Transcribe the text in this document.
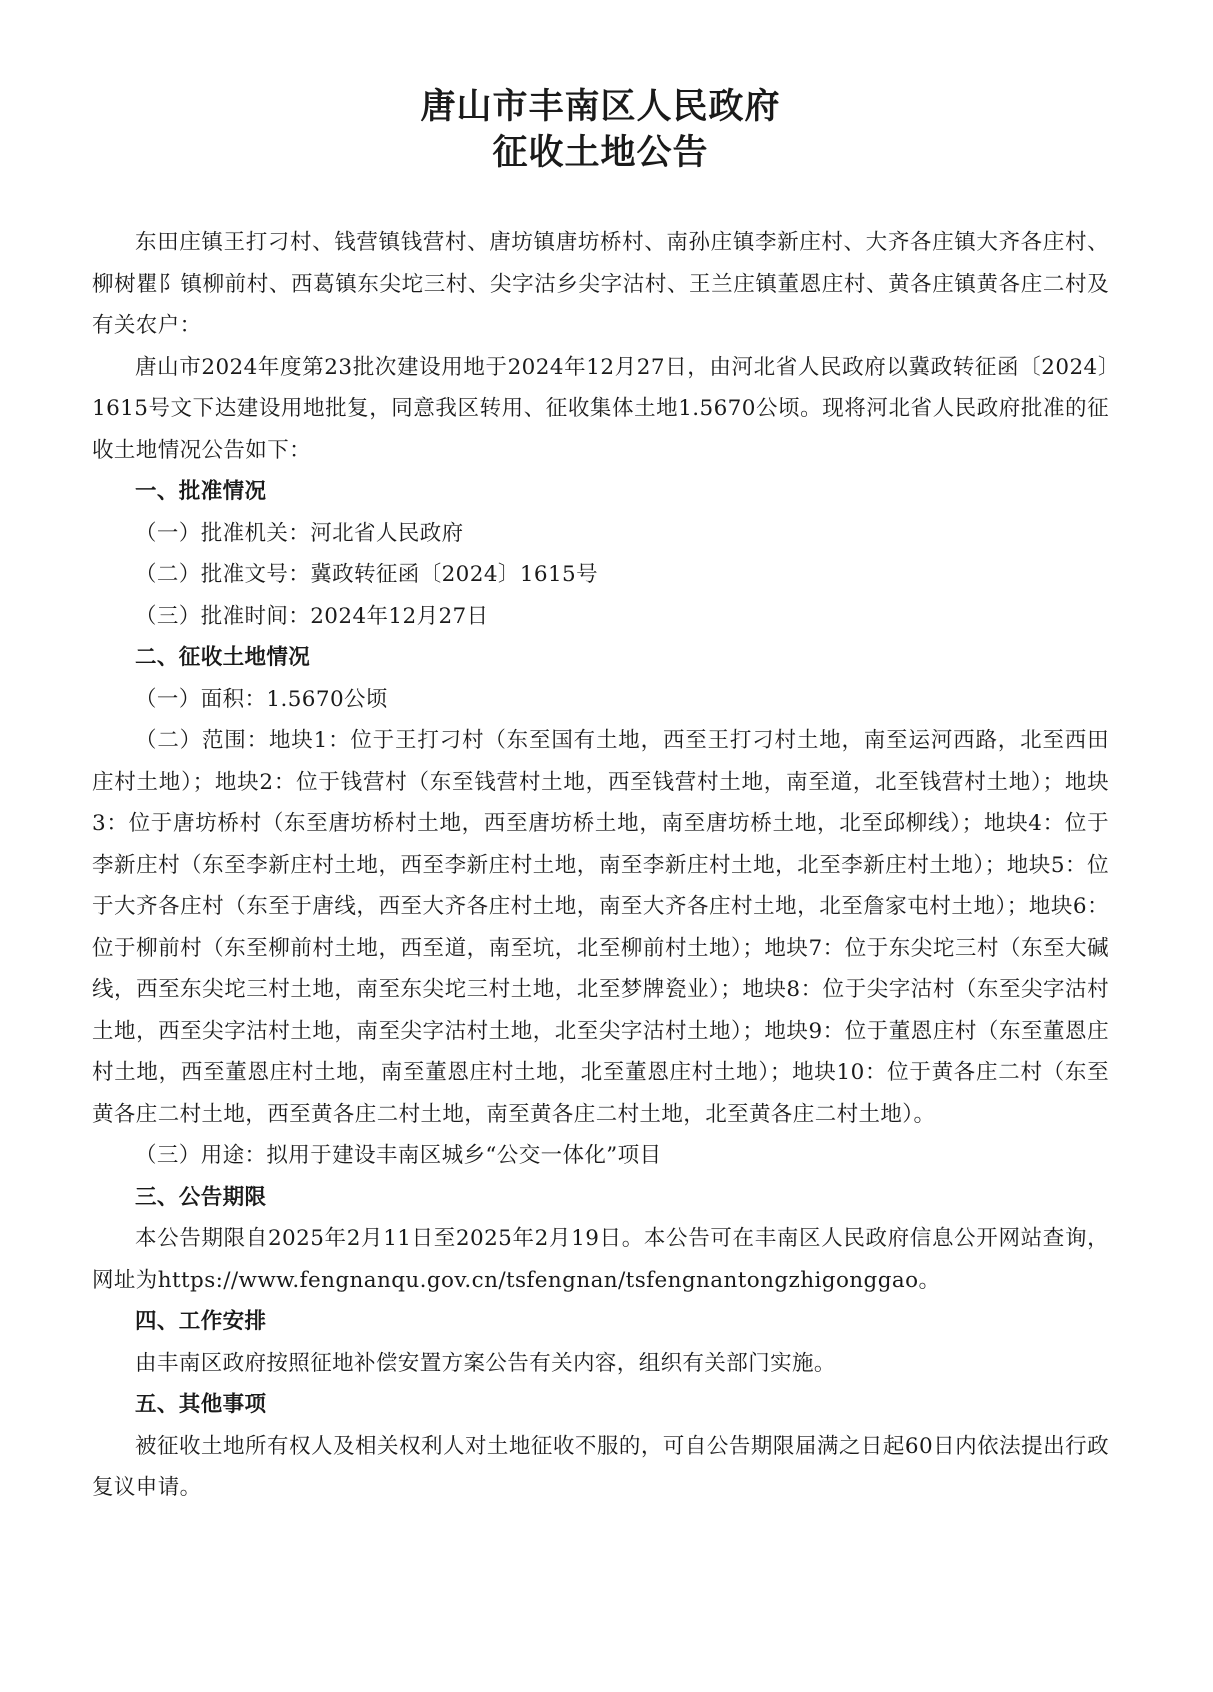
唐山市丰南区人民政府
征收土地公告

东田庄镇王打刁村、钱营镇钱营村、唐坊镇唐坊桥村、南孙庄镇李新庄村、大齐各庄镇大齐各庄村、柳树瞿阝镇柳前村、西葛镇东尖坨三村、尖字沽乡尖字沽村、王兰庄镇董恩庄村、黄各庄镇黄各庄二村及有关农户：

唐山市2024年度第23批次建设用地于2024年12月27日，由河北省人民政府以冀政转征函〔2024〕1615号文下达建设用地批复，同意我区转用、征收集体土地1.5670公顷。现将河北省人民政府批准的征收土地情况公告如下：

一、批准情况

（一）批准机关：河北省人民政府

（二）批准文号：冀政转征函〔2024〕1615号

（三）批准时间：2024年12月27日

二、征收土地情况

（一）面积：1.5670公顷

（二）范围：地块1：位于王打刁村（东至国有土地，西至王打刁村土地，南至运河西路，北至西田庄村土地）；地块2：位于钱营村（东至钱营村土地，西至钱营村土地，南至道，北至钱营村土地）；地块3：位于唐坊桥村（东至唐坊桥村土地，西至唐坊桥土地，南至唐坊桥土地，北至邱柳线）；地块4：位于李新庄村（东至李新庄村土地，西至李新庄村土地，南至李新庄村土地，北至李新庄村土地）；地块5：位于大齐各庄村（东至于唐线，西至大齐各庄村土地，南至大齐各庄村土地，北至詹家屯村土地）；地块6：位于柳前村（东至柳前村土地，西至道，南至坑，北至柳前村土地）；地块7：位于东尖坨三村（东至大碱线，西至东尖坨三村土地，南至东尖坨三村土地，北至梦牌瓷业）；地块8：位于尖字沽村（东至尖字沽村土地，西至尖字沽村土地，南至尖字沽村土地，北至尖字沽村土地）；地块9：位于董恩庄村（东至董恩庄村土地，西至董恩庄村土地，南至董恩庄村土地，北至董恩庄村土地）；地块10：位于黄各庄二村（东至黄各庄二村土地，西至黄各庄二村土地，南至黄各庄二村土地，北至黄各庄二村土地）。

（三）用途：拟用于建设丰南区城乡“公交一体化”项目

三、公告期限

本公告期限自2025年2月11日至2025年2月19日。本公告可在丰南区人民政府信息公开网站查询，网址为https://www.fengnanqu.gov.cn/tsfengnan/tsfengnantongzhigonggao。

四、工作安排

由丰南区政府按照征地补偿安置方案公告有关内容，组织有关部门实施。

五、其他事项

被征收土地所有权人及相关权利人对土地征收不服的，可自公告期限届满之日起60日内依法提出行政复议申请。
